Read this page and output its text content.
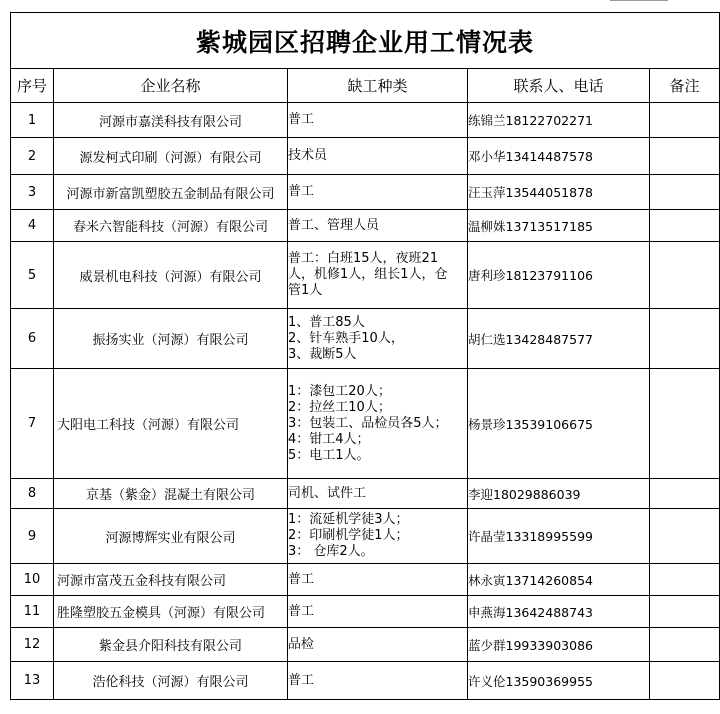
紫城园区招聘企业用工情况表				
序号	企业名称	缺工种类	联系人、电话	备注
1	河源市嘉渼科技有限公司	普工	练锦兰18122702271	
2	源发柯式印刷（河源）有限公司	技术员	邓小华13414487578	
3	河源市新富凯塑胶五金制品有限公司	普工	汪玉萍13544051878	
4	春米六智能科技（河源）有限公司	普工、管理人员	温柳姝13713517185	
5	威景机电科技（河源）有限公司	普工：白班15人，夜班21
人，机修1人，组长1人，仓
管1人	唐利珍18123791106	
6	振扬实业（河源）有限公司	1、普工85人
2、针车熟手10人，
3、裁断5人	胡仁选13428487577	
7	大阳电工科技（河源）有限公司	1：漆包工20人；
2：拉丝工10人；
3：包装工、品检员各5人；
4：钳工4人；
5：电工1人。	杨景珍13539106675	
8	京基（紫金）混凝土有限公司	司机、试件工	李迎18029886039	
9	河源博辉实业有限公司	1：流延机学徒3人；
2：印刷机学徒1人；
3： 仓库2人。	许晶莹13318995599	
10	河源市富茂五金科技有限公司	普工	林永寅13714260854	
11	胜隆塑胶五金模具（河源）有限公司	普工	申燕海13642488743	
12	紫金县介阳科技有限公司	品检	蓝少群19933903086	
13	浩伦科技（河源）有限公司	普工	许义伦13590369955	
